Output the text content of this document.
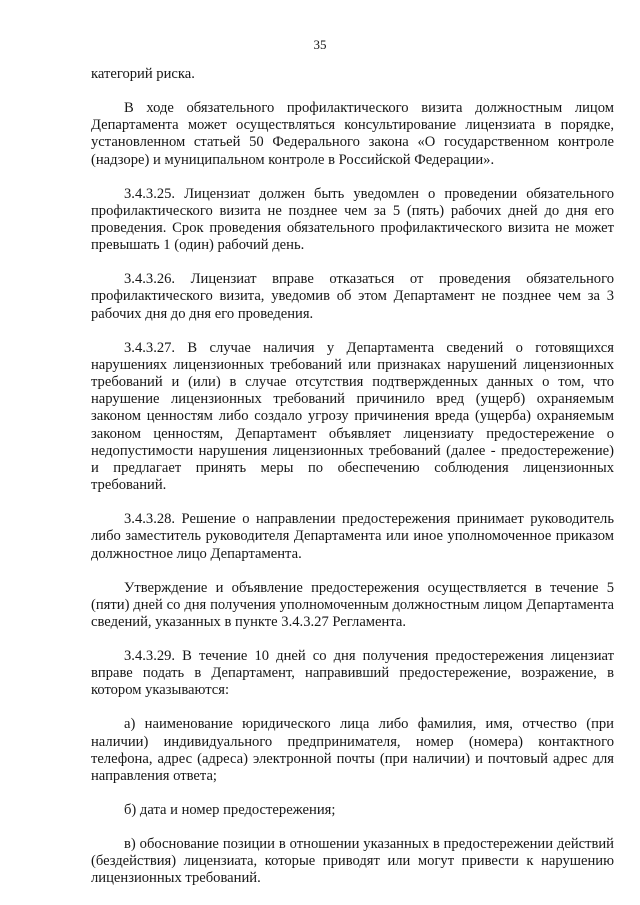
35

категорий риска.

В ходе обязательного профилактического визита должностным лицом Департамента может осуществляться консультирование лицензиата в порядке, установленном статьей 50 Федерального закона «О государственном контроле (надзоре) и муниципальном контроле в Российской Федерации».

3.4.3.25. Лицензиат должен быть уведомлен о проведении обязательного профилактического визита не позднее чем за 5 (пять) рабочих дней до дня его проведения. Срок проведения обязательного профилактического визита не может превышать 1 (один) рабочий день.

3.4.3.26. Лицензиат вправе отказаться от проведения обязательного профилактического визита, уведомив об этом Департамент не позднее чем за 3 рабочих дня до дня его проведения.

3.4.3.27. В случае наличия у Департамента сведений о готовящихся нарушениях лицензионных требований или признаках нарушений лицензионных требований и (или) в случае отсутствия подтвержденных данных о том, что нарушение лицензионных требований причинило вред (ущерб) охраняемым законом ценностям либо создало угрозу причинения вреда (ущерба) охраняемым законом ценностям, Департамент объявляет лицензиату предостережение о недопустимости нарушения лицензионных требований (далее - предостережение) и предлагает принять меры по обеспечению соблюдения лицензионных требований.

3.4.3.28. Решение о направлении предостережения принимает руководитель либо заместитель руководителя Департамента или иное уполномоченное приказом должностное лицо Департамента.

Утверждение и объявление предостережения осуществляется в течение 5 (пяти) дней со дня получения уполномоченным должностным лицом Департамента сведений, указанных в пункте 3.4.3.27 Регламента.

3.4.3.29. В течение 10 дней со дня получения предостережения лицензиат вправе подать в Департамент, направивший предостережение, возражение, в котором указываются:

а) наименование юридического лица либо фамилия, имя, отчество (при наличии) индивидуального предпринимателя, номер (номера) контактного телефона, адрес (адреса) электронной почты (при наличии) и почтовый адрес для направления ответа;

б) дата и номер предостережения;

в) обоснование позиции в отношении указанных в предостережении действий (бездействия) лицензиата, которые приводят или могут привести к нарушению лицензионных требований.
